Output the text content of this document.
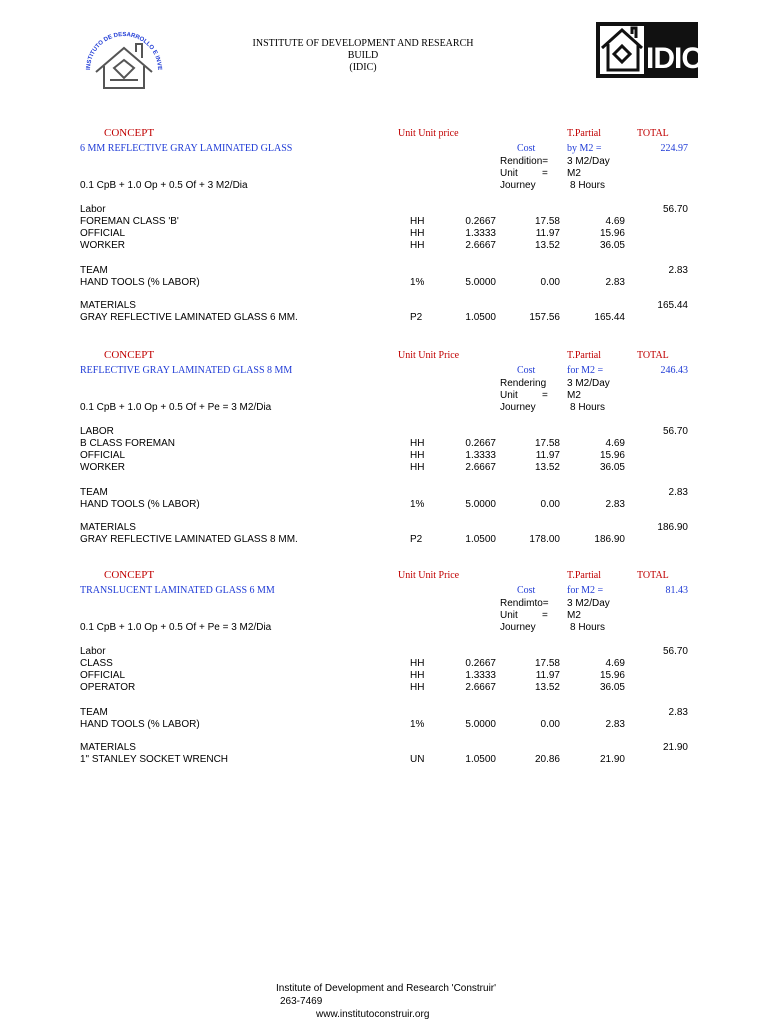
INSTITUTO DE DESARROLLO E INVE
INSTITUTE OF DEVELOPMENT AND RESEARCH
BUILD
(IDIC)	IDIC
CONCEPT	Unit Unit price	T.Partial	TOTAL
6 MM REFLECTIVE GRAY LAMINATED GLASS	Cost	by M2 =	224.97
Rendition= 3 M2/Day
Unit = M2
0.1 CpB + 1.0 Op + 0.5 Of + 3 M2/Dia	Journey	8 Hours
Labor	56.70
FOREMAN CLASS 'B'	HH	0.2667	17.58	4.69
OFFICIAL	HH	1.3333	11.97	15.96
WORKER	HH	2.6667	13.52	36.05
TEAM	2.83
HAND TOOLS (% LABOR)	1%	5.0000	0.00	2.83
MATERIALS	165.44
GRAY REFLECTIVE LAMINATED GLASS 6 MM.	P2	1.0500	157.56	165.44
CONCEPT	Unit Unit Price	T.Partial	TOTAL
REFLECTIVE GRAY LAMINATED GLASS 8 MM	Cost	for M2 =	246.43
Rendering 3 M2/Day
Unit = M2
0.1 CpB + 1.0 Op + 0.5 Of + Pe = 3 M2/Dia	Journey	8 Hours
LABOR	56.70
B CLASS FOREMAN	HH	0.2667	17.58	4.69
OFFICIAL	HH	1.3333	11.97	15.96
WORKER	HH	2.6667	13.52	36.05
TEAM	2.83
HAND TOOLS (% LABOR)	1%	5.0000	0.00	2.83
MATERIALS	186.90
GRAY REFLECTIVE LAMINATED GLASS 8 MM.	P2	1.0500	178.00	186.90
CONCEPT	Unit Unit Price	T.Partial	TOTAL
TRANSLUCENT LAMINATED GLASS 6 MM	Cost	for M2 =	81.43
Rendimto= 3 M2/Day
Unit = M2
0.1 CpB + 1.0 Op + 0.5 Of + Pe = 3 M2/Dia	Journey	8 Hours
Labor	56.70
CLASS	HH	0.2667	17.58	4.69
OFFICIAL	HH	1.3333	11.97	15.96
OPERATOR	HH	2.6667	13.52	36.05
TEAM	2.83
HAND TOOLS (% LABOR)	1%	5.0000	0.00	2.83
MATERIALS	21.90
1" STANLEY SOCKET WRENCH	UN	1.0500	20.86	21.90
Institute of Development and Research 'Construir'
263-7469
www.institutoconstruir.org
